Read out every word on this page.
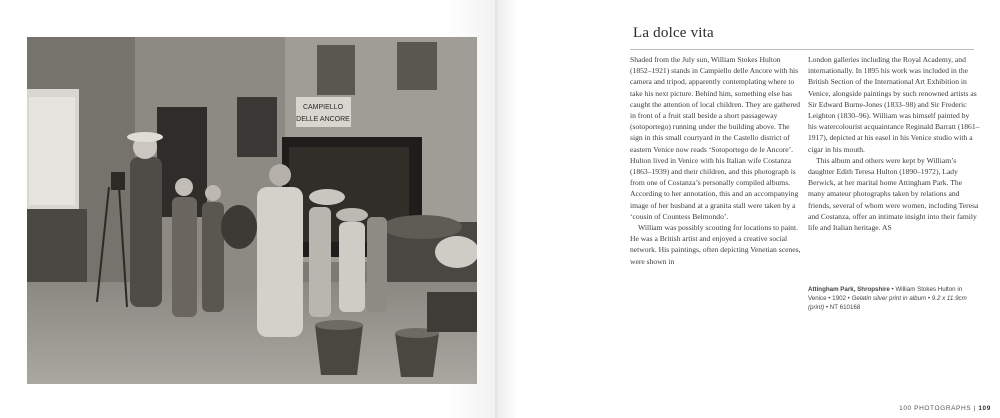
CAMPIELLO
DELLE ANCORE
La dolce vita

Shaded from the July sun, William Stokes Hulton (1852–1921) stands in Campiello delle Ancore with his camera and tripod, apparently contemplating where to take his next picture. Behind him, something else has caught the attention of local children. They are gathered in front of a fruit stall beside a short passageway (sotoportego) running under the building above. The sign in this small courtyard in the Castello district of eastern Venice now reads ‘Sotoportego de le Ancore’. Hulton lived in Venice with his Italian wife Costanza (1863–1939) and their children, and this photograph is from one of Costanza’s personally compiled albums. According to her annotation, this and an accompanying image of her husband at a granita stall were taken by a ‘cousin of Countess Belmondo’.

William was possibly scouting for locations to paint. He was a British artist and enjoyed a creative social network. His paintings, often depicting Venetian scenes, were shown in

London galleries including the Royal Academy, and internationally. In 1895 his work was included in the British Section of the International Art Exhibition in Venice, alongside paintings by such renowned artists as Sir Edward Burne-Jones (1833–98) and Sir Frederic Leighton (1830–96). William was himself painted by his watercolourist acquaintance Reginald Barratt (1861–1917), depicted at his easel in his Venice studio with a cigar in his mouth.

This album and others were kept by William’s daughter Edith Teresa Hulton (1890–1972), Lady Berwick, at her marital home Attingham Park. The many amateur photographs taken by relations and friends, several of whom were women, including Teresa and Costanza, offer an intimate insight into their family life and Italian heritage. AS

Attingham Park, Shropshire • William Stokes Hulton in Venice • 1902 • Gelatin silver print in album • 9.2 x 11.9cm (print) • NT 610168
100 PHOTOGRAPHS | 109
